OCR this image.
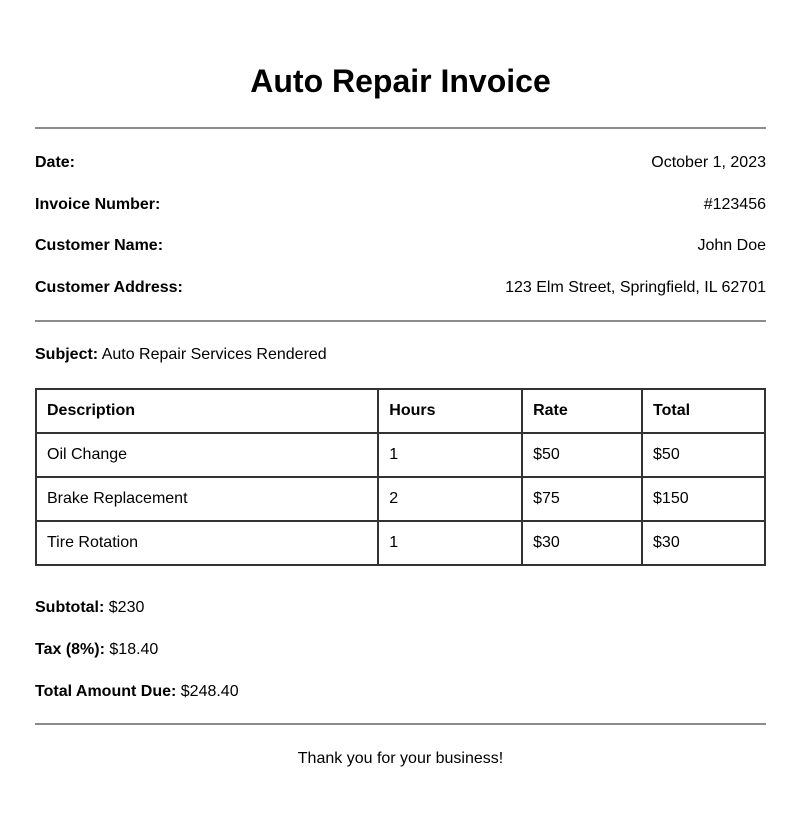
Auto Repair Invoice
Date:	October 1, 2023
Invoice Number:	#123456
Customer Name:	John Doe
Customer Address:	123 Elm Street, Springfield, IL 62701
Subject: Auto Repair Services Rendered
Description	Hours	Rate	Total
Oil Change	1	$50	$50
Brake Replacement	2	$75	$150
Tire Rotation	1	$30	$30
Subtotal: $230
Tax (8%): $18.40
Total Amount Due: $248.40
Thank you for your business!
